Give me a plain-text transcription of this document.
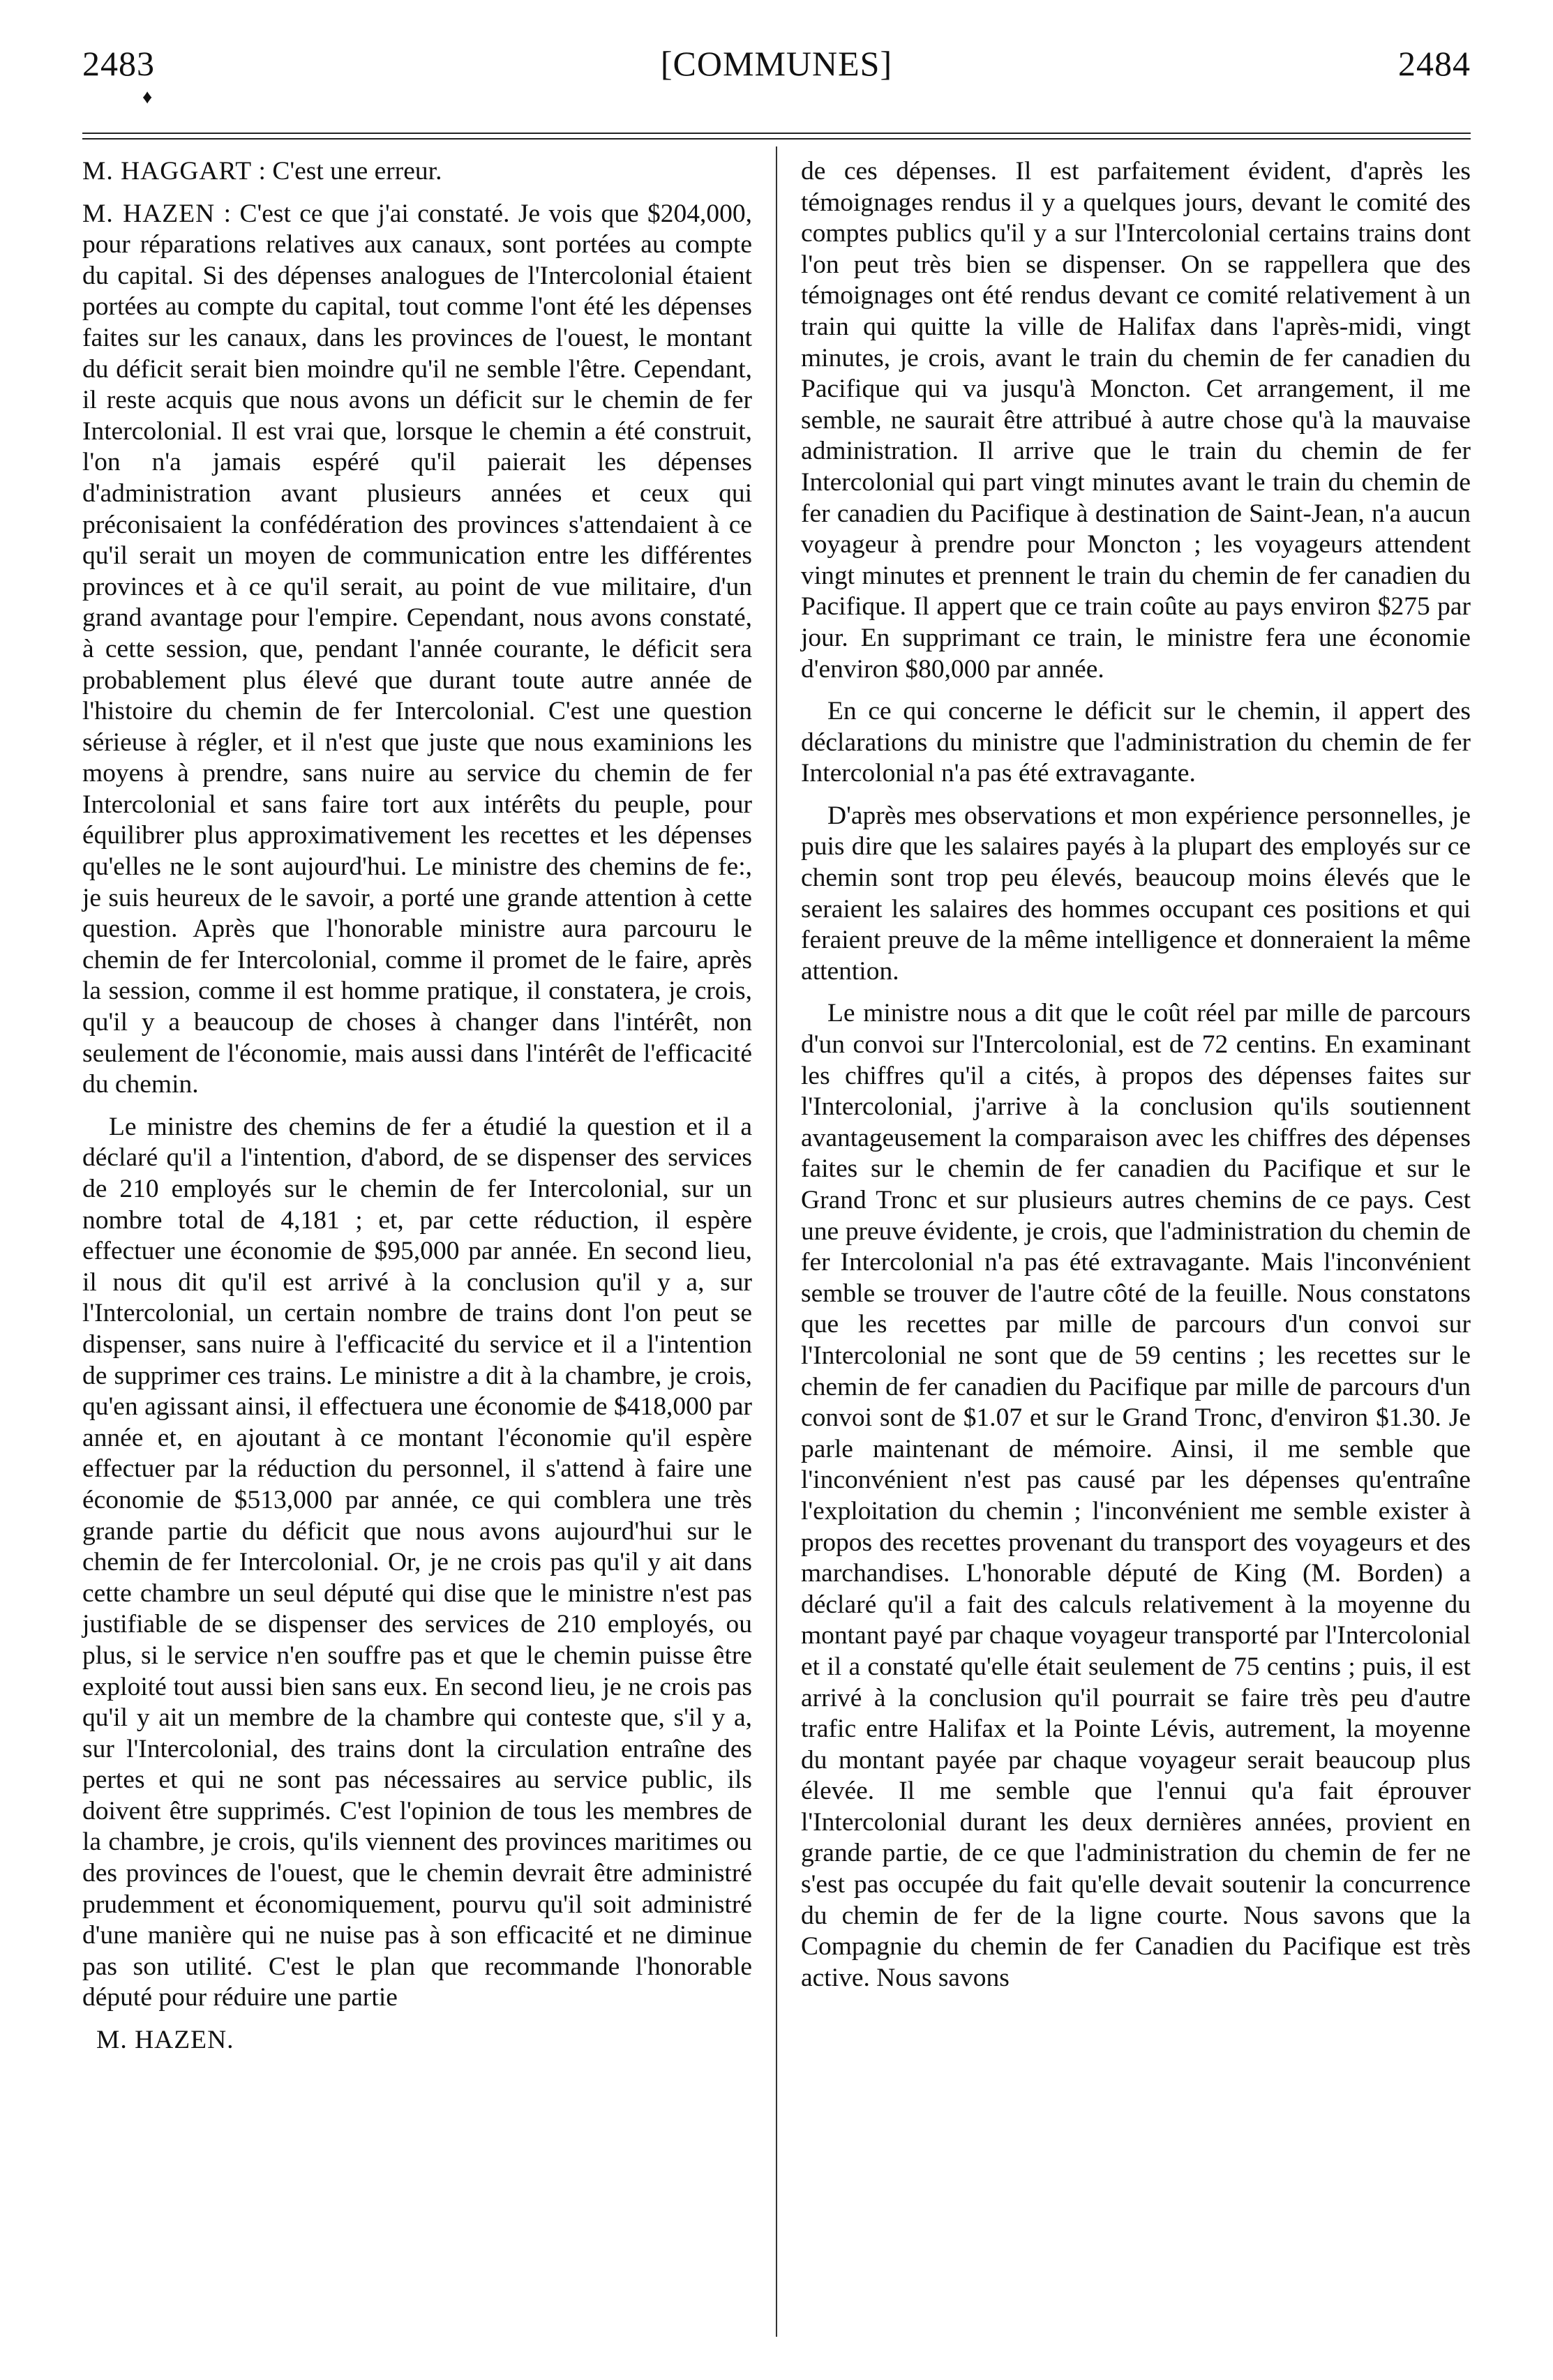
2483	[COMMUNES]	2484
♦

M. HAGGART : C'est une erreur.

M. HAZEN : C'est ce que j'ai constaté. Je vois que $204,000, pour réparations relatives aux canaux, sont portées au compte du capital. Si des dépenses analogues de l'Intercolonial étaient portées au compte du capital, tout comme l'ont été les dépenses faites sur les canaux, dans les provinces de l'ouest, le montant du déficit serait bien moindre qu'il ne semble l'être. Cependant, il reste acquis que nous avons un déficit sur le chemin de fer Intercolonial. Il est vrai que, lorsque le chemin a été construit, l'on n'a jamais espéré qu'il paierait les dépenses d'administration avant plusieurs années et ceux qui préconisaient la confédération des provinces s'attendaient à ce qu'il serait un moyen de communication entre les différentes provinces et à ce qu'il serait, au point de vue militaire, d'un grand avantage pour l'empire. Cependant, nous avons constaté, à cette session, que, pendant l'année courante, le déficit sera probablement plus élevé que durant toute autre année de l'histoire du chemin de fer Intercolonial. C'est une question sérieuse à régler, et il n'est que juste que nous examinions les moyens à prendre, sans nuire au service du chemin de fer Intercolonial et sans faire tort aux intérêts du peuple, pour équilibrer plus approximativement les recettes et les dépenses qu'elles ne le sont aujourd'hui. Le ministre des chemins de fe:, je suis heureux de le savoir, a porté une grande attention à cette question. Après que l'honorable ministre aura parcouru le chemin de fer Intercolonial, comme il promet de le faire, après la session, comme il est homme pratique, il constatera, je crois, qu'il y a beaucoup de choses à changer dans l'intérêt, non seulement de l'économie, mais aussi dans l'intérêt de l'efficacité du chemin.

Le ministre des chemins de fer a étudié la question et il a déclaré qu'il a l'intention, d'abord, de se dispenser des services de 210 employés sur le chemin de fer Intercolonial, sur un nombre total de 4,181 ; et, par cette réduction, il espère effectuer une économie de $95,000 par année. En second lieu, il nous dit qu'il est arrivé à la conclusion qu'il y a, sur l'Intercolonial, un certain nombre de trains dont l'on peut se dispenser, sans nuire à l'efficacité du service et il a l'intention de supprimer ces trains. Le ministre a dit à la chambre, je crois, qu'en agissant ainsi, il effectuera une économie de $418,000 par année et, en ajoutant à ce montant l'économie qu'il espère effectuer par la réduction du personnel, il s'attend à faire une économie de $513,000 par année, ce qui comblera une très grande partie du déficit que nous avons aujourd'hui sur le chemin de fer Intercolonial. Or, je ne crois pas qu'il y ait dans cette chambre un seul député qui dise que le ministre n'est pas justifiable de se dispenser des services de 210 employés, ou plus, si le service n'en souffre pas et que le chemin puisse être exploité tout aussi bien sans eux. En second lieu, je ne crois pas qu'il y ait un membre de la chambre qui conteste que, s'il y a, sur l'Intercolonial, des trains dont la circulation entraîne des pertes et qui ne sont pas nécessaires au service public, ils doivent être supprimés. C'est l'opinion de tous les membres de la chambre, je crois, qu'ils viennent des provinces maritimes ou des provinces de l'ouest, que le chemin devrait être administré prudemment et économiquement, pourvu qu'il soit administré d'une manière qui ne nuise pas à son efficacité et ne diminue pas son utilité. C'est le plan que recommande l'honorable député pour réduire une partie

M. HAZEN.

de ces dépenses. Il est parfaitement évident, d'après les témoignages rendus il y a quelques jours, devant le comité des comptes publics qu'il y a sur l'Intercolonial certains trains dont l'on peut très bien se dispenser. On se rappellera que des témoignages ont été rendus devant ce comité relativement à un train qui quitte la ville de Halifax dans l'après-midi, vingt minutes, je crois, avant le train du chemin de fer canadien du Pacifique qui va jusqu'à Moncton. Cet arrangement, il me semble, ne saurait être attribué à autre chose qu'à la mauvaise administration. Il arrive que le train du chemin de fer Intercolonial qui part vingt minutes avant le train du chemin de fer canadien du Pacifique à destination de Saint-Jean, n'a aucun voyageur à prendre pour Moncton ; les voyageurs attendent vingt minutes et prennent le train du chemin de fer canadien du Pacifique. Il appert que ce train coûte au pays environ $275 par jour. En supprimant ce train, le ministre fera une économie d'environ $80,000 par année.

En ce qui concerne le déficit sur le chemin, il appert des déclarations du ministre que l'administration du chemin de fer Intercolonial n'a pas été extravagante.

D'après mes observations et mon expérience personnelles, je puis dire que les salaires payés à la plupart des employés sur ce chemin sont trop peu élevés, beaucoup moins élevés que le seraient les salaires des hommes occupant ces positions et qui feraient preuve de la même intelligence et donneraient la même attention.

Le ministre nous a dit que le coût réel par mille de parcours d'un convoi sur l'Intercolonial, est de 72 centins. En examinant les chiffres qu'il a cités, à propos des dépenses faites sur l'Intercolonial, j'arrive à la conclusion qu'ils soutiennent avantageusement la comparaison avec les chiffres des dépenses faites sur le chemin de fer canadien du Pacifique et sur le Grand Tronc et sur plusieurs autres chemins de ce pays. Cest une preuve évidente, je crois, que l'administration du chemin de fer Intercolonial n'a pas été extravagante. Mais l'inconvénient semble se trouver de l'autre côté de la feuille. Nous constatons que les recettes par mille de parcours d'un convoi sur l'Intercolonial ne sont que de 59 centins ; les recettes sur le chemin de fer canadien du Pacifique par mille de parcours d'un convoi sont de $1.07 et sur le Grand Tronc, d'environ $1.30. Je parle maintenant de mémoire. Ainsi, il me semble que l'inconvénient n'est pas causé par les dépenses qu'entraîne l'exploitation du chemin ; l'inconvénient me semble exister à propos des recettes provenant du transport des voyageurs et des marchandises. L'honorable député de King (M. Borden) a déclaré qu'il a fait des calculs relativement à la moyenne du montant payé par chaque voyageur transporté par l'Intercolonial et il a constaté qu'elle était seulement de 75 centins ; puis, il est arrivé à la conclusion qu'il pourrait se faire très peu d'autre trafic entre Halifax et la Pointe Lévis, autrement, la moyenne du montant payée par chaque voyageur serait beaucoup plus élevée. Il me semble que l'ennui qu'a fait éprouver l'Intercolonial durant les deux dernières années, provient en grande partie, de ce que l'administration du chemin de fer ne s'est pas occupée du fait qu'elle devait soutenir la concurrence du chemin de fer de la ligne courte. Nous savons que la Compagnie du chemin de fer Canadien du Pacifique est très active. Nous savons
